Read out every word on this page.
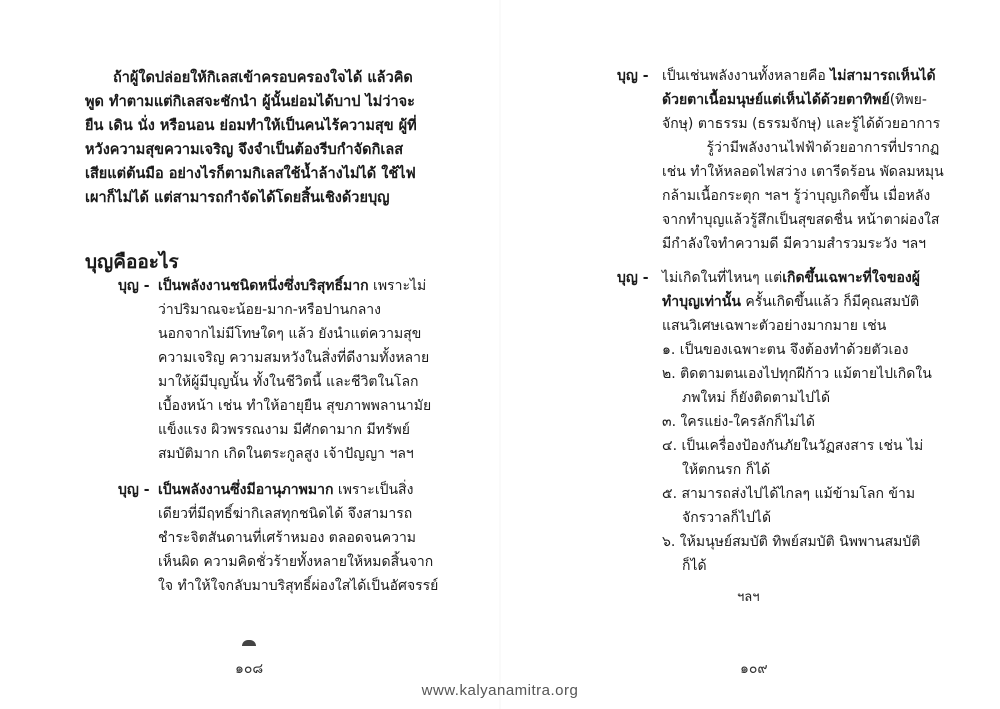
ถ้าผู้ใดปล่อยให้กิเลสเข้าครอบครองใจได้ แล้วคิด
พูด ทำตามแต่กิเลสจะชักนำ ผู้นั้นย่อมได้บาป ไม่ว่าจะ
ยืน เดิน นั่ง หรือนอน ย่อมทำให้เป็นคนไร้ความสุข ผู้ที่
หวังความสุขความเจริญ จึงจำเป็นต้องรีบกำจัดกิเลส
เสียแต่ต้นมือ อย่างไรก็ตามกิเลสใช้น้ำล้างไม่ได้ ใช้ไฟ
เผาก็ไม่ได้ แต่สามารถกำจัดได้โดยสิ้นเชิงด้วยบุญ
บุญคืออะไร
บุญ - เป็นพลังงานชนิดหนึ่งซึ่งบริสุทธิ์มาก เพราะไม่
ว่าปริมาณจะน้อย-มาก-หรือปานกลาง
นอกจากไม่มีโทษใดๆ แล้ว ยังนำแต่ความสุข
ความเจริญ ความสมหวังในสิ่งที่ดีงามทั้งหลาย
มาให้ผู้มีบุญนั้น ทั้งในชีวิตนี้ และชีวิตในโลก
เบื้องหน้า เช่น ทำให้อายุยืน สุขภาพพลานามัย
แข็งแรง ผิวพรรณงาม มีศักดามาก มีทรัพย์
สมบัติมาก เกิดในตระกูลสูง เจ้าปัญญา ฯลฯ
บุญ - เป็นพลังงานซึ่งมีอานุภาพมาก เพราะเป็นสิ่ง
เดียวที่มีฤทธิ์ฆ่ากิเลสทุกชนิดได้ จึงสามารถ
ชำระจิตสันดานที่เศร้าหมอง ตลอดจนความ
เห็นผิด ความคิดชั่วร้ายทั้งหลายให้หมดสิ้นจาก
ใจ ทำให้ใจกลับมาบริสุทธิ์ผ่องใสได้เป็นอัศจรรย์
๑๐๘
บุญ - เป็นเช่นพลังงานทั้งหลายคือ ไม่สามารถเห็นได้
ด้วยตาเนื้อมนุษย์แต่เห็นได้ด้วยตาทิพย์(ทิพย-
จักษุ) ตาธรรม (ธรรมจักษุ) และรู้ได้ด้วยอาการ
รู้ว่ามีพลังงานไฟฟ้าด้วยอาการที่ปรากฏ
เช่น ทำให้หลอดไฟสว่าง เตารีดร้อน พัดลมหมุน
กล้ามเนื้อกระตุก ฯลฯ รู้ว่าบุญเกิดขึ้น เมื่อหลัง
จากทำบุญแล้วรู้สึกเป็นสุขสดชื่น หน้าตาผ่องใส
มีกำลังใจทำความดี มีความสำรวมระวัง ฯลฯ
บุญ - ไม่เกิดในที่ไหนๆ แต่เกิดขึ้นเฉพาะที่ใจของผู้
ทำบุญเท่านั้น ครั้นเกิดขึ้นแล้ว ก็มีคุณสมบัติ
แสนวิเศษเฉพาะตัวอย่างมากมาย เช่น
๑. เป็นของเฉพาะตน จึงต้องทำด้วยตัวเอง
๒. ติดตามตนเองไปทุกฝีก้าว แม้ตายไปเกิดใน
ภพใหม่ ก็ยังติดตามไปได้
๓. ใครแย่ง-ใครลักก็ไม่ได้
๔. เป็นเครื่องป้องกันภัยในวัฏสงสาร เช่น ไม่
ให้ตกนรก ก็ได้
๕. สามารถส่งไปได้ไกลๆ แม้ข้ามโลก ข้าม
จักรวาลก็ไปได้
๖. ให้มนุษย์สมบัติ ทิพย์สมบัติ นิพพานสมบัติ
ก็ได้
ฯลฯ
๑๐๙
www.kalyanamitra.org
